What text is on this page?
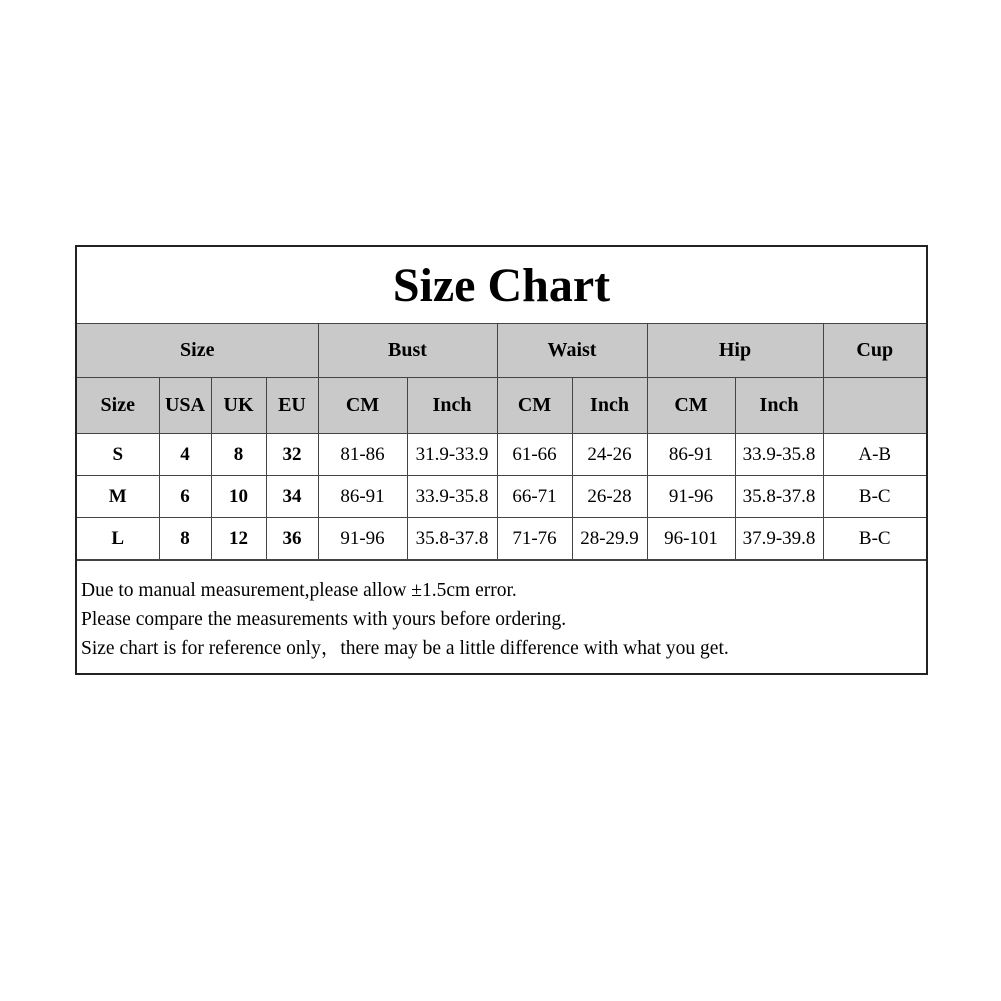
Size Chart
Size				Bust		Waist		Hip		Cup
Size	USA	UK	EU	CM	Inch	CM	Inch	CM	Inch	
S	4	8	32	81-86	31.9-33.9	61-66	24-26	86-91	33.9-35.8	A-B
M	6	10	34	86-91	33.9-35.8	66-71	26-28	91-96	35.8-37.8	B-C
L	8	12	36	91-96	35.8-37.8	71-76	28-29.9	96-101	37.9-39.8	B-C
Due to manual measurement,please allow ±1.5cm error.
Please compare the measurements with yours before ordering.
Size chart is for reference only，there may be a little difference with what you get.
